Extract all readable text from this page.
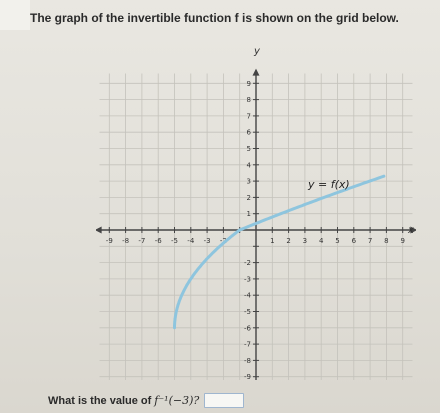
The graph of the invertible function f is shown on the grid below.
-9 -8 -7 -6 -5 -4 -3 -2	1 2 3 4 5 6 7 8 9
9
8
7
6
5
4
3
2
1
-2
-3
-4
-5
-6
-7
-8
-9
y
x
y = f(x)
What is the value of f⁻¹(−3)?
